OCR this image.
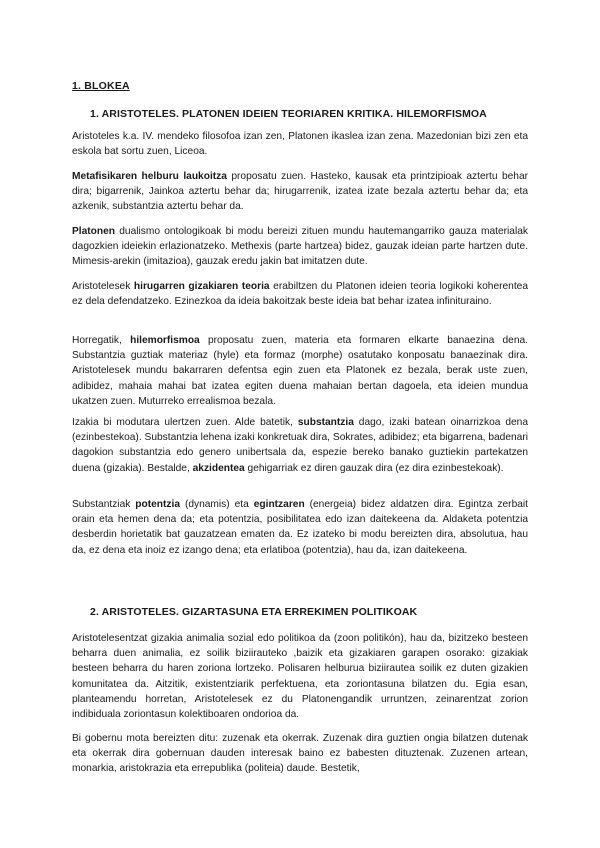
1. BLOKEA
1. ARISTOTELES. PLATONEN IDEIEN TEORIAREN KRITIKA. HILEMORFISMOA

Aristoteles k.a. IV. mendeko filosofoa izan zen, Platonen ikaslea izan zena. Mazedonian bizi zen eta eskola bat sortu zuen, Liceoa.

Metafisikaren helburu laukoitza proposatu zuen. Hasteko, kausak eta printzipioak aztertu behar dira; bigarrenik, Jainkoa aztertu behar da; hirugarrenik, izatea izate bezala aztertu behar da; eta azkenik, substantzia aztertu behar da.

Platonen dualismo ontologikoak bi modu bereizi zituen mundu hautemangarriko gauza materialak dagozkien ideiekin erlazionatzeko. Methexis (parte hartzea) bidez, gauzak ideian parte hartzen dute. Mimesis-arekin (imitazioa), gauzak eredu jakin bat imitatzen dute.

Aristotelesek hirugarren gizakiaren teoria erabiltzen du Platonen ideien teoria logikoki koherentea ez dela defendatzeko. Ezinezkoa da ideia bakoitzak beste ideia bat behar izatea infinituraino.

Horregatik, hilemorfismoa proposatu zuen, materia eta formaren elkarte banaezina dena. Substantzia guztiak materiaz (hyle) eta formaz (morphe) osatutako konposatu banaezinak dira. Aristotelesek mundu bakarraren defentsa egin zuen eta Platonek ez bezala, berak uste zuen, adibidez, mahaia mahai bat izatea egiten duena mahaian bertan dagoela, eta ideien mundua ukatzen zuen. Muturreko errealismoa bezala.

Izakia bi modutara ulertzen zuen. Alde batetik, substantzia dago, izaki batean oinarrizkoa dena (ezinbestekoa). Substantzia lehena izaki konkretuak dira, Sokrates, adibidez; eta bigarrena, badenari dagokion substantzia edo genero unibertsala da, espezie bereko banako guztiekin partekatzen duena (gizakia). Bestalde, akzidentea gehigarriak ez diren gauzak dira (ez dira ezinbestekoak).

Substantziak potentzia (dynamis) eta egintzaren (energeia) bidez aldatzen dira. Egintza zerbait orain eta hemen dena da; eta potentzia, posibilitatea edo izan daitekeena da. Aldaketa potentzia desberdin horietatik bat gauzatzean ematen da. Ez izateko bi modu bereizten dira, absolutua, hau da, ez dena eta inoiz ez izango dena; eta erlatiboa (potentzia), hau da, izan daitekeena.

2. ARISTOTELES. GIZARTASUNA ETA ERREKIMEN POLITIKOAK

Aristotelesentzat gizakia animalia sozial edo politikoa da (zoon politikón), hau da, bizitzeko besteen beharra duen animalia, ez soilik biziirauteko ,baizik eta gizakiaren garapen osorako: gizakiak besteen beharra du haren zoriona lortzeko. Polisaren helburua biziirautea soilik ez duten gizakien komunitatea da. Aitzitik, existentziarik perfektuena, eta zoriontasuna bilatzen du. Egia esan, planteamendu horretan, Aristotelesek ez du Platonengandik urruntzen, zeinarentzat zorion indibiduala zoriontasun kolektiboaren ondorioa da.

Bi gobernu mota bereizten ditu: zuzenak eta okerrak. Zuzenak dira guztien ongia bilatzen dutenak eta okerrak dira gobernuan dauden interesak baino ez babesten dituztenak. Zuzenen artean, monarkia, aristokrazia eta errepublika (politeia) daude. Bestetik,
